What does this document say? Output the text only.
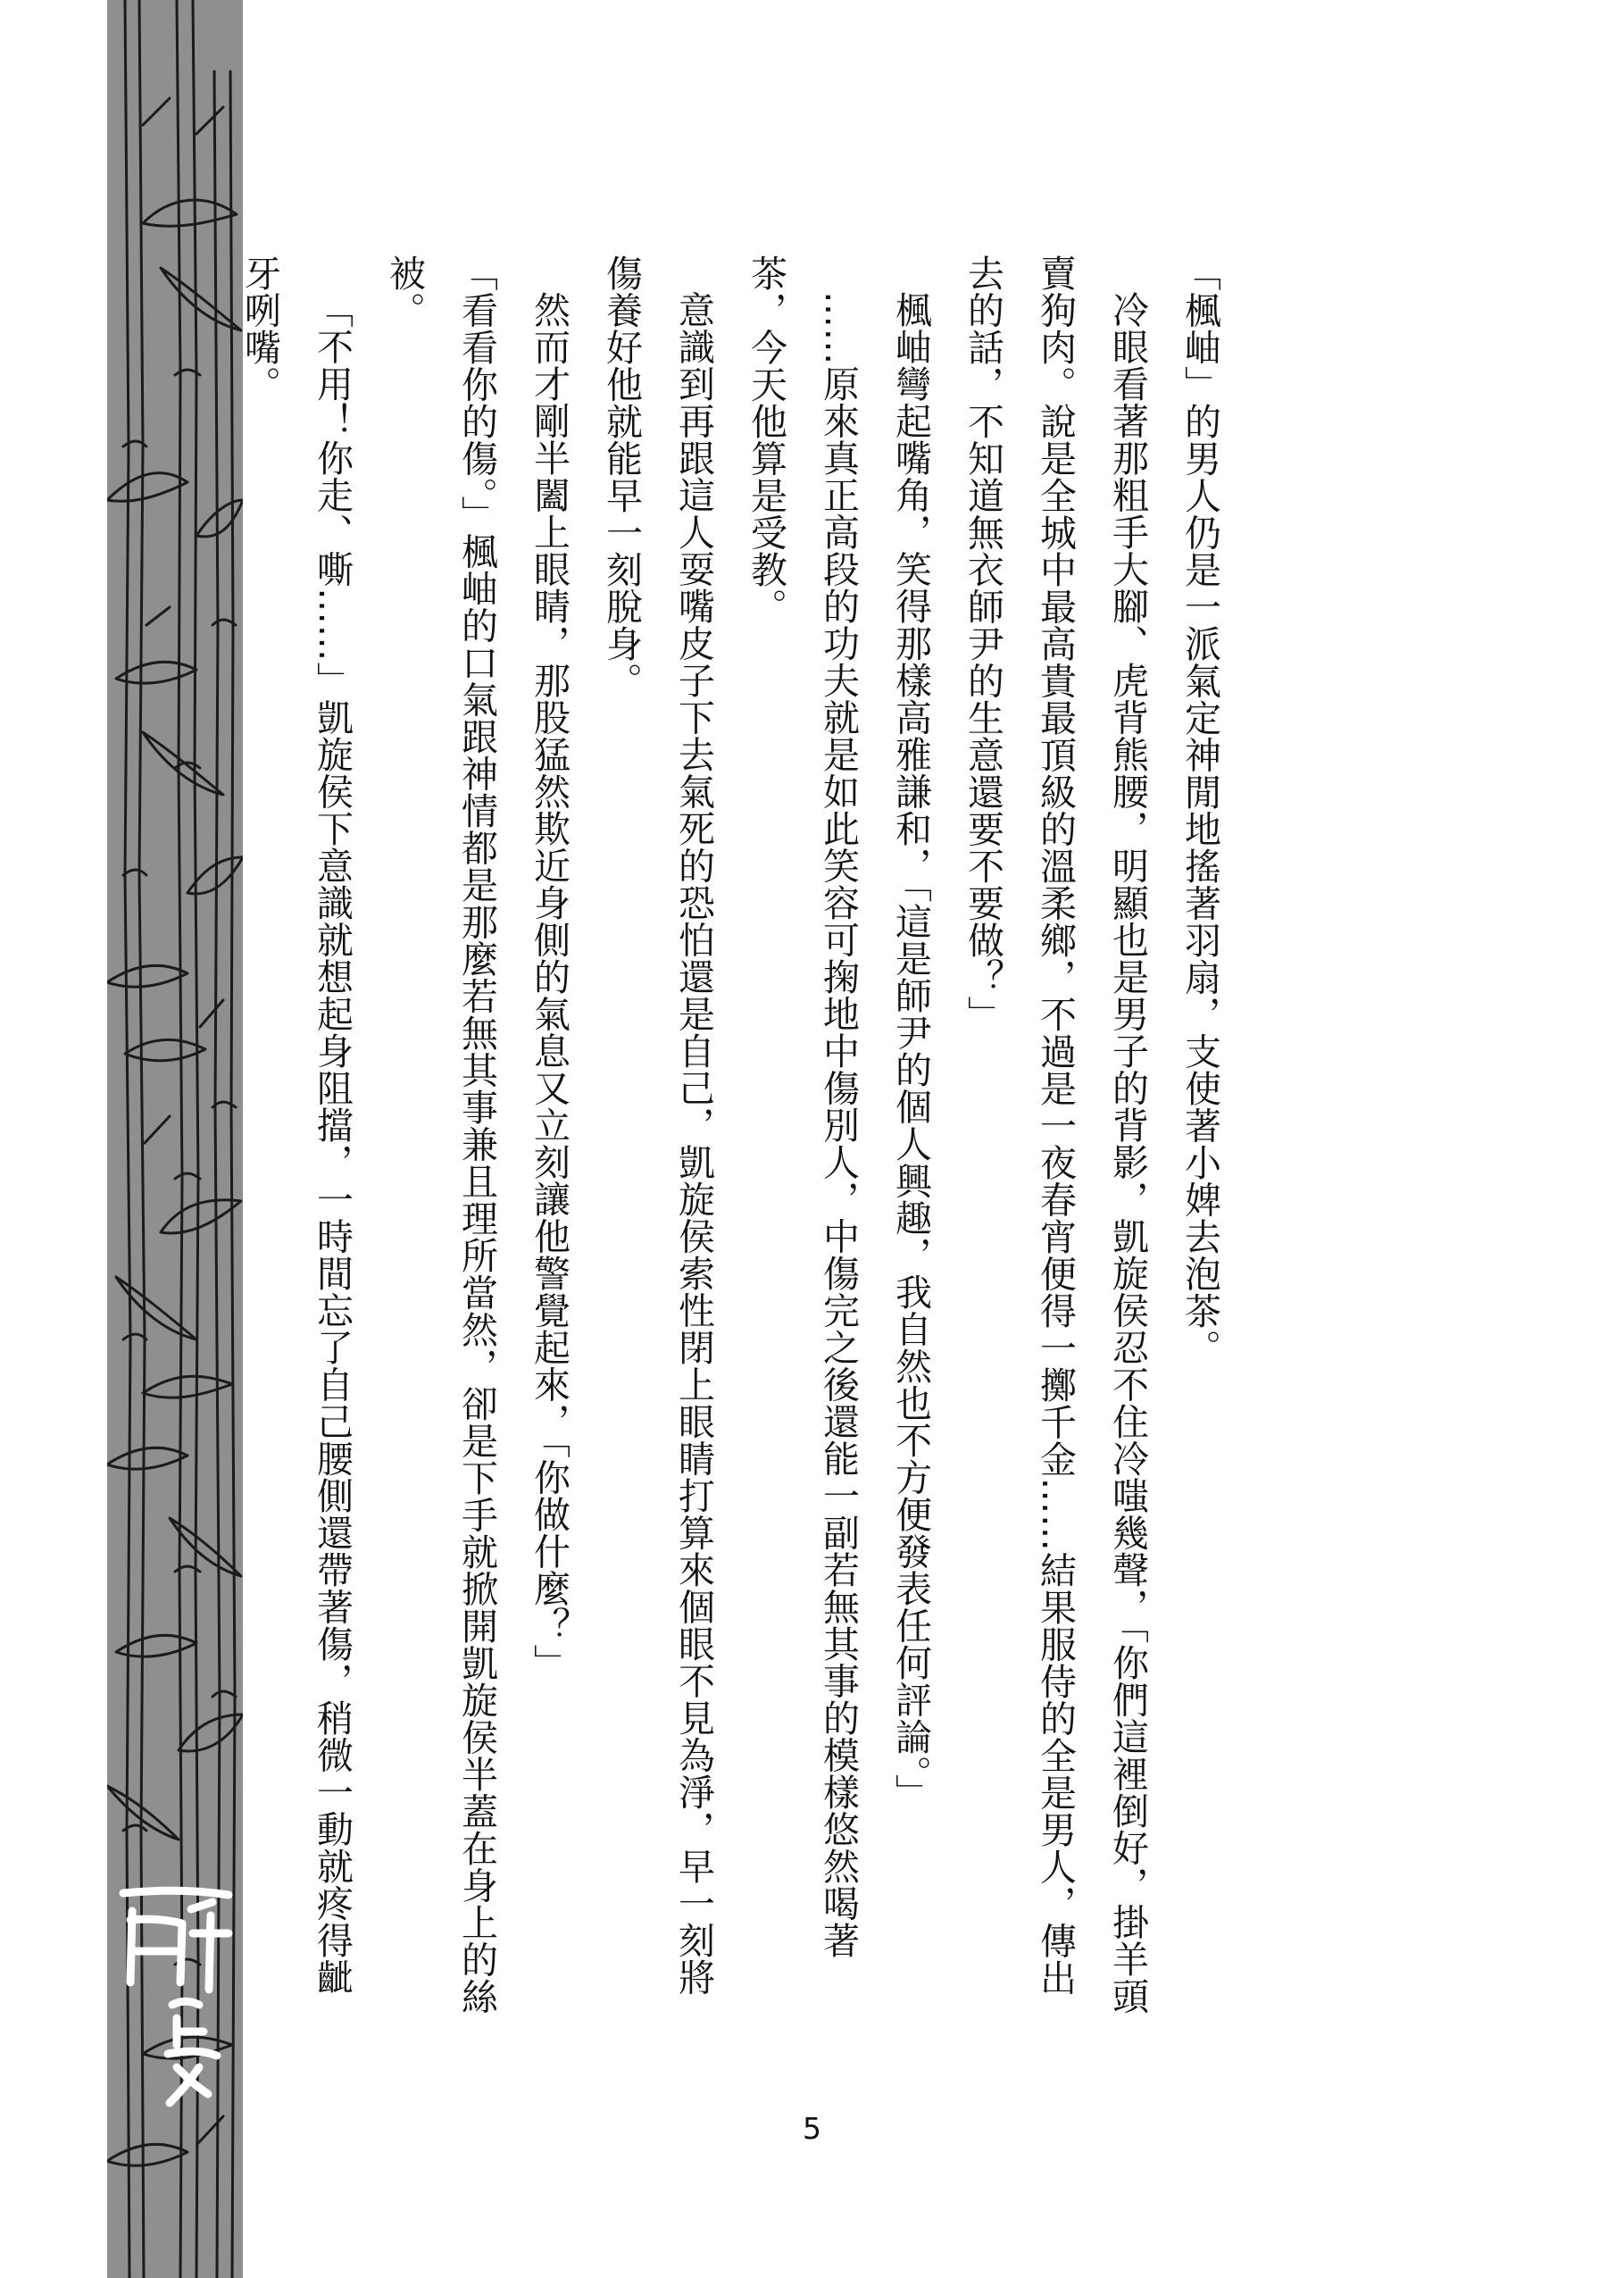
「楓岫」的男人仍是一派氣定神閒地搖著羽扇，支使著小婢去泡茶。

冷眼看著那粗手大腳、虎背熊腰，明顯也是男子的背影，凱旋侯忍不住冷嗤幾聲，「你們這裡倒好，掛羊頭賣狗肉。說是全城中最高貴最頂級的溫柔鄉，不過是一夜春宵便得一擲千金……結果服侍的全是男人，傳出去的話，不知道無衣師尹的生意還要不要做？」

楓岫彎起嘴角，笑得那樣高雅謙和，「這是師尹的個人興趣，我自然也不方便發表任何評論。」

……原來真正高段的功夫就是如此笑容可掬地中傷別人，中傷完之後還能一副若無其事的模樣悠然喝著茶，今天他算是受教。

意識到再跟這人耍嘴皮子下去氣死的恐怕還是自己，凱旋侯索性閉上眼睛打算來個眼不見為淨，早一刻將傷養好他就能早一刻脫身。

然而才剛半闔上眼睛，那股猛然欺近身側的氣息又立刻讓他警覺起來，「你做什麼？」

「看看你的傷。」楓岫的口氣跟神情都是那麼若無其事兼且理所當然，卻是下手就掀開凱旋侯半蓋在身上的絲被。

「不用！你走、嘶……」凱旋侯下意識就想起身阻擋，一時間忘了自己腰側還帶著傷，稍微一動就疼得齜牙咧嘴。

5
